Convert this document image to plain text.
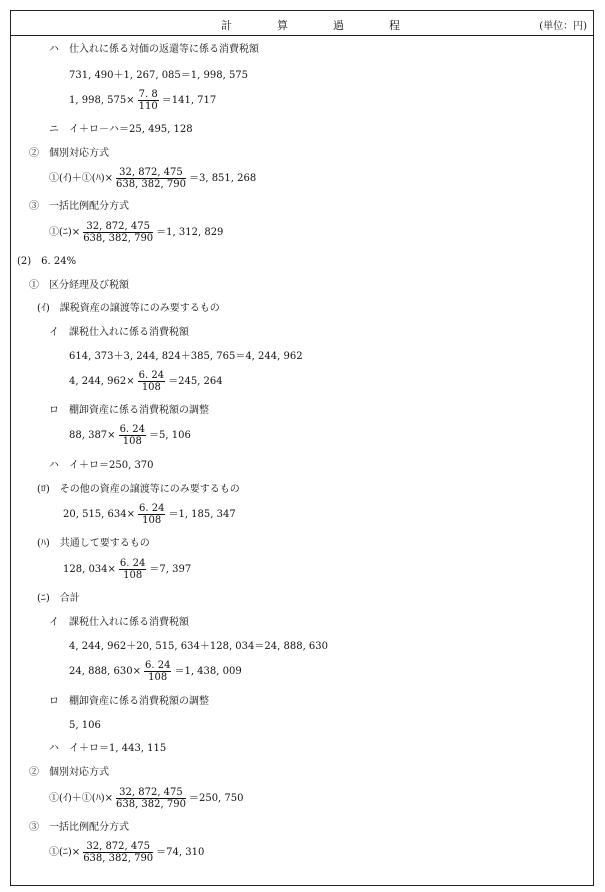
計	算	過	程	(単位：円)
ハ　仕入れに係る対価の返還等に係る消費税額
731, 490＋1, 267, 085＝1, 998, 575
1, 998, $575\times \frac{7. 8}{110} =141$, 717
ニ　イ＋ロ－ハ＝25, 495, 128
②　個別対応方式
①(ｲ)＋①(ﾊ)× $\frac{32, 872, 475}{638, 382, 790} =3$, 851, 268
③　一括比例配分方式
①(ﾆ)× $\frac{32, 872, 475}{638, 382, 790} =1$, 312, 829
(2)　6. 24%
①　区分経理及び税額
(ｲ)　課税資産の譲渡等にのみ要するもの
イ　課税仕入れに係る消費税額
614, 373＋3, 244, 824＋385, 765＝4, 244, 962
4, 244, $962\times \frac{6. 24}{108} =245$, 264
ロ　棚卸資産に係る消費税額の調整
88, $387\times \frac{6. 24}{108} =5$, 106
ハ　イ＋ロ＝250, 370
(ﾛ)　その他の資産の譲渡等にのみ要するもの
20, 515, $634\times \frac{6. 24}{108} =1$, 185, 347
(ﾊ)　共通して要するもの
128, $034\times \frac{6. 24}{108} =7$, 397
(ﾆ)　合計
イ　課税仕入れに係る消費税額
4, 244, 962＋20, 515, 634＋128, 034＝24, 888, 630
24, 888, $630\times \frac{6. 24}{108} =1$, 438, 009
ロ　棚卸資産に係る消費税額の調整
5, 106
ハ　イ＋ロ＝1, 443, 115
②　個別対応方式
①(ｲ)＋①(ﾊ)× $\frac{32, 872, 475}{638, 382, 790} =250$, 750
③　一括比例配分方式
①(ﾆ)× $\frac{32, 872, 475}{638, 382, 790} =74$, 310
